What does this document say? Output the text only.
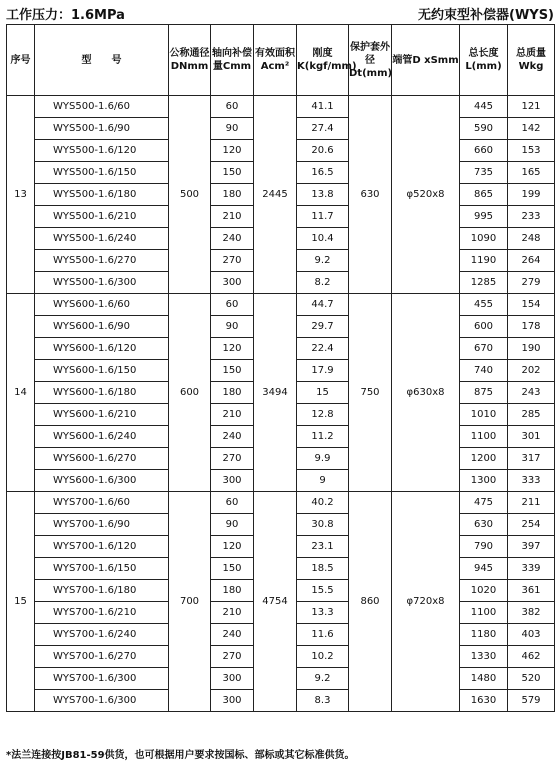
工作压力：1.6MPa	无约束型补偿器(WYS)
序号	型　　号	公称通径DNmm	轴向补偿量Cmm	有效面积Acm²	刚度K(kgf/mm)	保护套外径Dt(mm)	端管D xSmm	总长度L(mm)	总质量Wkg
13	WYS500-1.6/60	500	60	2445	41.1	630	φ520x8	445	121
	WYS500-1.6/90		90		27.4			590	142
	WYS500-1.6/120		120		20.6			660	153
	WYS500-1.6/150		150		16.5			735	165
	WYS500-1.6/180		180		13.8			865	199
	WYS500-1.6/210		210		11.7			995	233
	WYS500-1.6/240		240		10.4			1090	248
	WYS500-1.6/270		270		9.2			1190	264
	WYS500-1.6/300		300		8.2			1285	279
14	WYS600-1.6/60	600	60	3494	44.7	750	φ630x8	455	154
	WYS600-1.6/90		90		29.7			600	178
	WYS600-1.6/120		120		22.4			670	190
	WYS600-1.6/150		150		17.9			740	202
	WYS600-1.6/180		180		15			875	243
	WYS600-1.6/210		210		12.8			1010	285
	WYS600-1.6/240		240		11.2			1100	301
	WYS600-1.6/270		270		9.9			1200	317
	WYS600-1.6/300		300		9			1300	333
15	WYS700-1.6/60	700	60	4754	40.2	860	φ720x8	475	211
	WYS700-1.6/90		90		30.8			630	254
	WYS700-1.6/120		120		23.1			790	397
	WYS700-1.6/150		150		18.5			945	339
	WYS700-1.6/180		180		15.5			1020	361
	WYS700-1.6/210		210		13.3			1100	382
	WYS700-1.6/240		240		11.6			1180	403
	WYS700-1.6/270		270		10.2			1330	462
	WYS700-1.6/300		300		9.2			1480	520
	WYS700-1.6/300		300		8.3			1630	579
*法兰连接按JB81-59供货，也可根据用户要求按国标、部标或其它标准供货。
